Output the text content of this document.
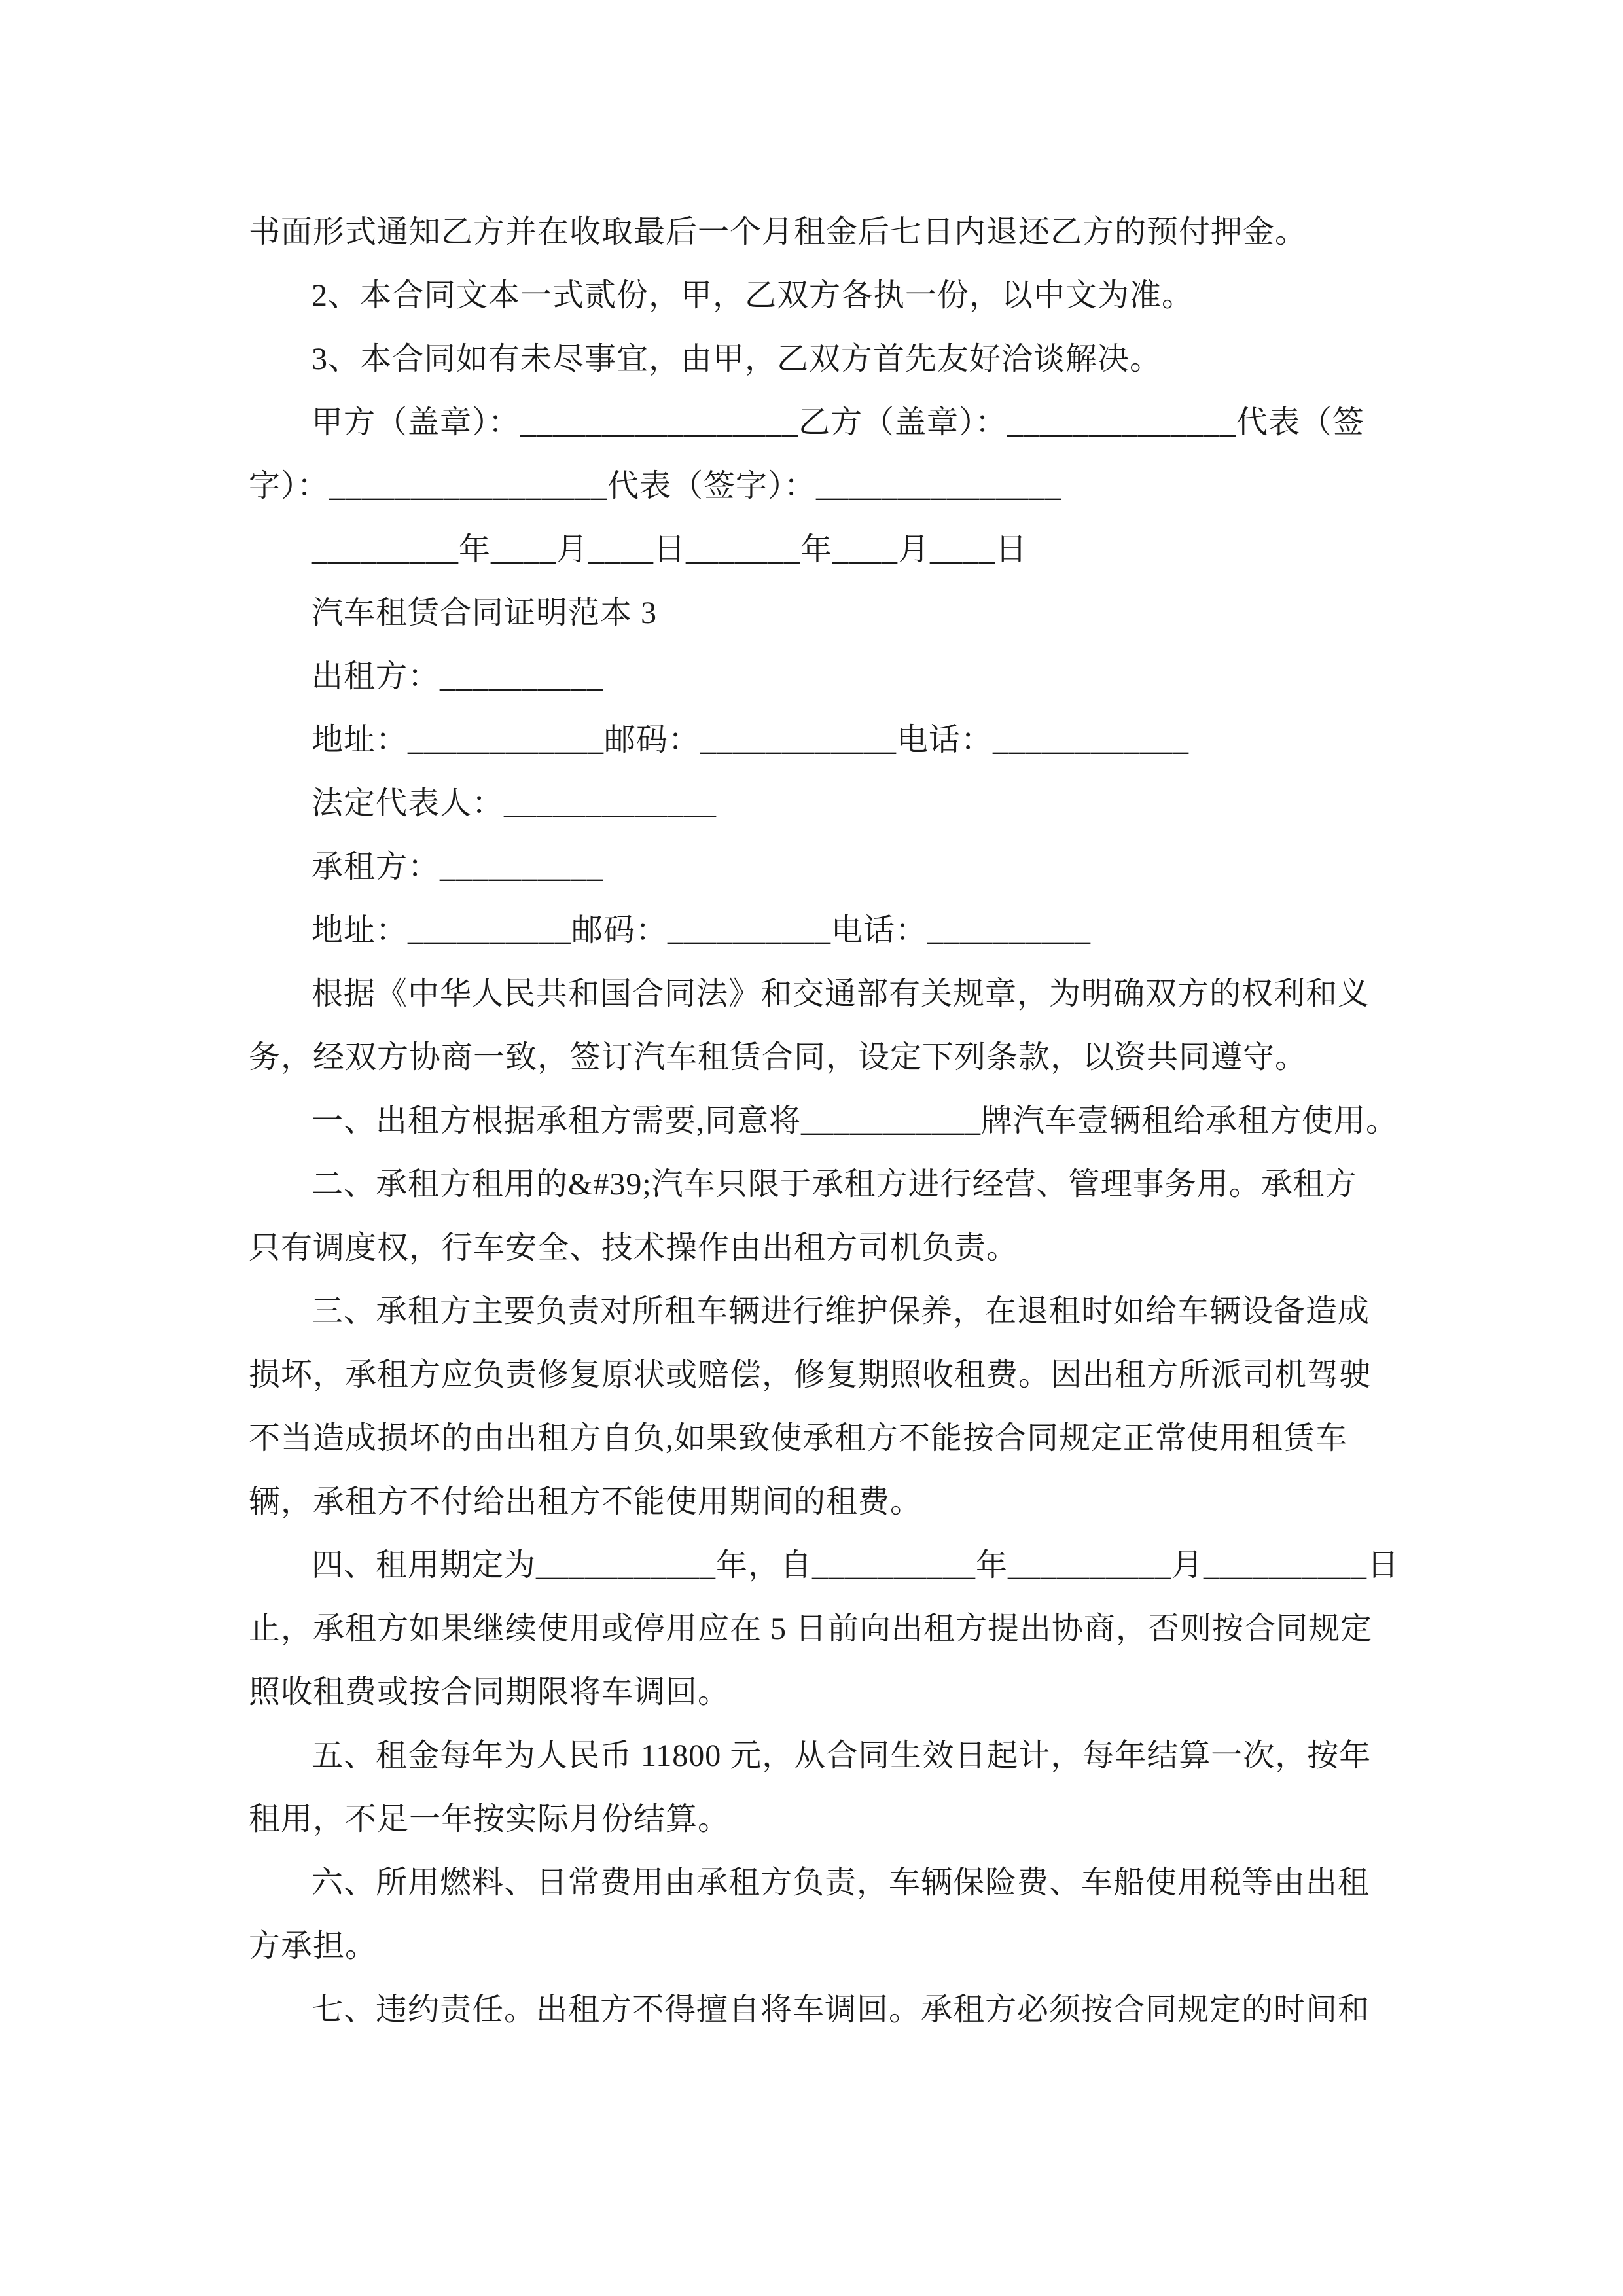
书面形式通知乙方并在收取最后一个月租金后七日内退还乙方的预付押金。
2、本合同文本一式贰份，甲，乙双方各执一份，以中文为准。
3、本合同如有未尽事宜，由甲，乙双方首先友好洽谈解决。
甲方（盖章）：_________________乙方（盖章）：______________代表（签
字）：_________________代表（签字）：_______________
_________年____月____日_______年____月____日
汽车租赁合同证明范本 3
出租方：__________
地址：____________邮码：____________电话：____________
法定代表人：_____________
承租方：__________
地址：__________邮码：__________电话：__________
根据《中华人民共和国合同法》和交通部有关规章，为明确双方的权利和义
务，经双方协商一致，签订汽车租赁合同，设定下列条款，以资共同遵守。
一、出租方根据承租方需要,同意将___________牌汽车壹辆租给承租方使用。
二、承租方租用的&#39;汽车只限于承租方进行经营、管理事务用。承租方
只有调度权，行车安全、技术操作由出租方司机负责。
三、承租方主要负责对所租车辆进行维护保养，在退租时如给车辆设备造成
损坏，承租方应负责修复原状或赔偿，修复期照收租费。因出租方所派司机驾驶
不当造成损坏的由出租方自负,如果致使承租方不能按合同规定正常使用租赁车
辆，承租方不付给出租方不能使用期间的租费。
四、租用期定为___________年，自__________年__________月__________日
止，承租方如果继续使用或停用应在 5 日前向出租方提出协商，否则按合同规定
照收租费或按合同期限将车调回。
五、租金每年为人民币 11800 元，从合同生效日起计，每年结算一次，按年
租用，不足一年按实际月份结算。
六、所用燃料、日常费用由承租方负责，车辆保险费、车船使用税等由出租
方承担。
七、违约责任。出租方不得擅自将车调回。承租方必须按合同规定的时间和
